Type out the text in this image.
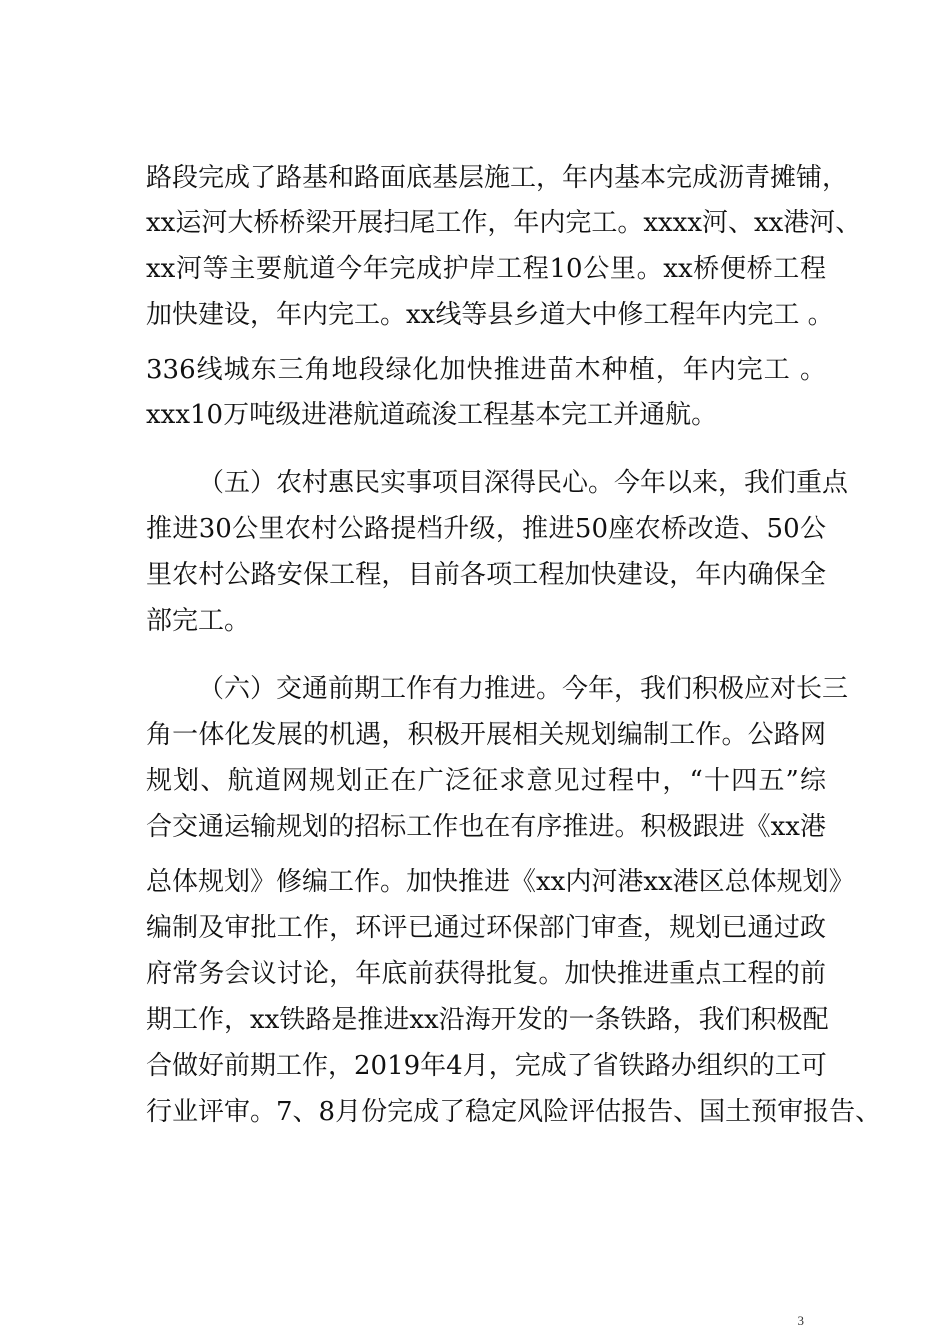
路段完成了路基和路面底基层施工，年内基本完成沥青摊铺，
xx运河大桥桥梁开展扫尾工作，年内完工。xxxx河、xx港河、
xx河等主要航道今年完成护岸工程10公里。xx桥便桥工程
加快建设，年内完工。xx线等县乡道大中修工程年内完工 。
336线城东三角地段绿化加快推进苗木种植，年内完工 。
xxx10万吨级进港航道疏浚工程基本完工并通航。
（五）农村惠民实事项目深得民心。今年以来，我们重点
推进30公里农村公路提档升级，推进50座农桥改造、50公
里农村公路安保工程，目前各项工程加快建设，年内确保全
部完工。
（六）交通前期工作有力推进。今年，我们积极应对长三
角一体化发展的机遇，积极开展相关规划编制工作。公路网
规划、航道网规划正在广泛征求意见过程中，“十四五”综
合交通运输规划的招标工作也在有序推进。积极跟进《xx港
总体规划》修编工作。加快推进《xx内河港xx港区总体规划》
编制及审批工作，环评已通过环保部门审查，规划已通过政
府常务会议讨论，年底前获得批复。加快推进重点工程的前
期工作，xx铁路是推进xx沿海开发的一条铁路，我们积极配
合做好前期工作，2019年4月，完成了省铁路办组织的工可
行业评审。7、8月份完成了稳定风险评估报告、国土预审报告、
3
